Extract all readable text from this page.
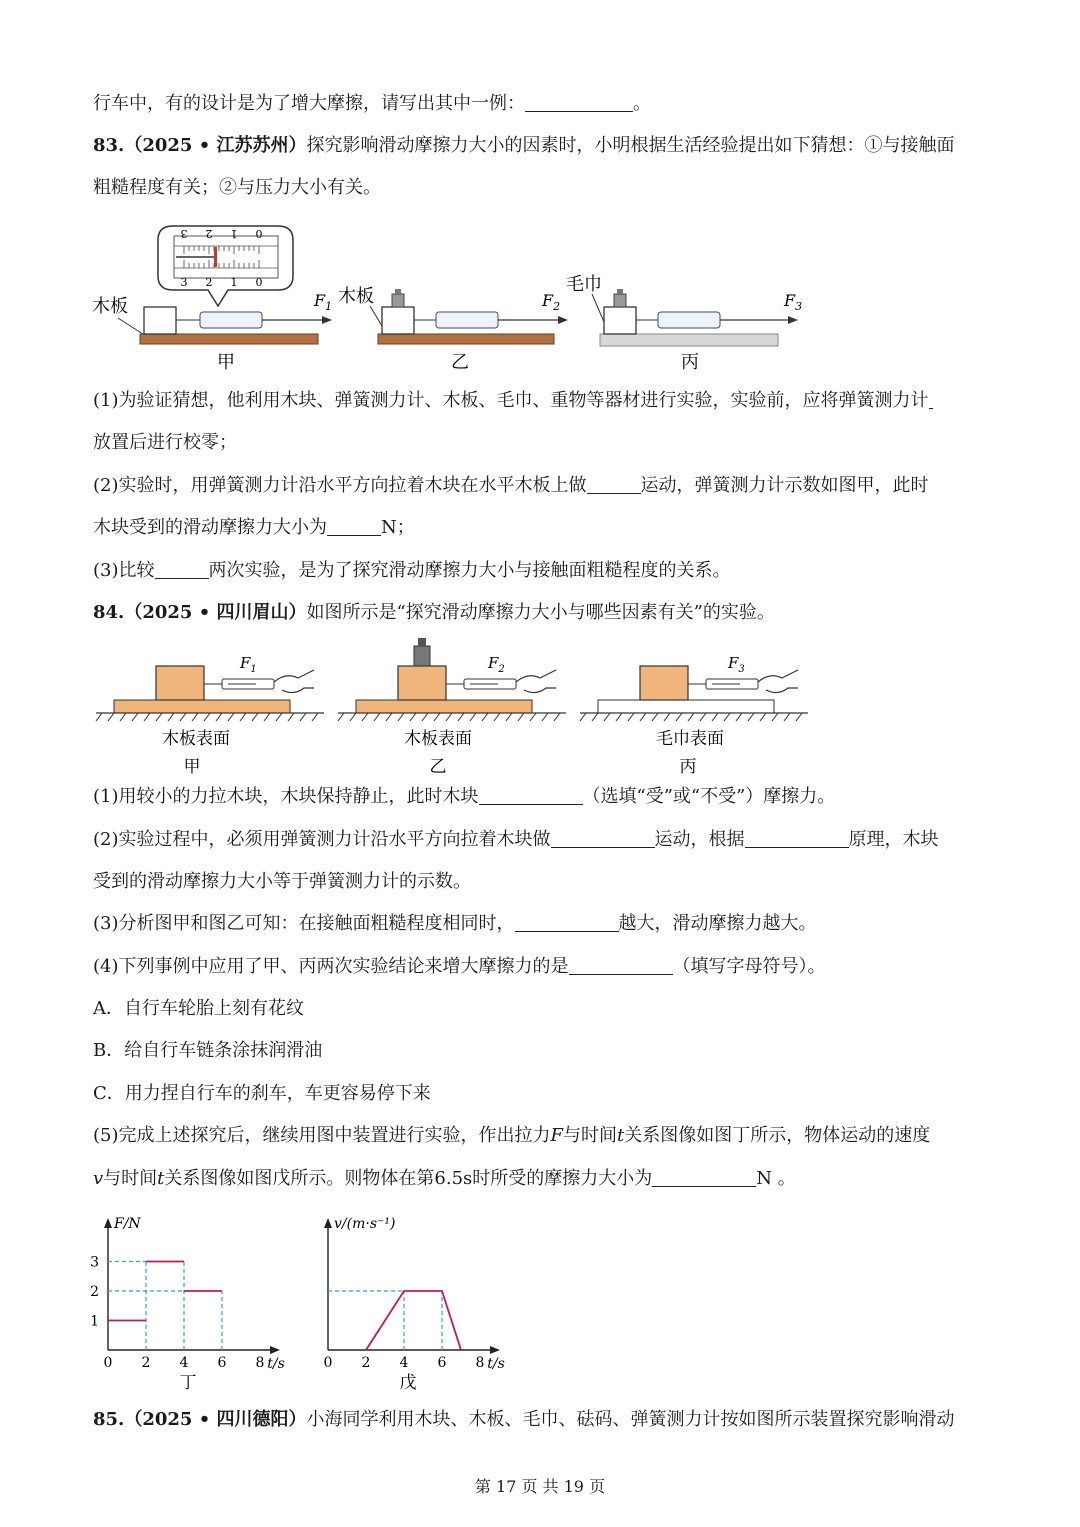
行车中，有的设计是为了增大摩擦，请写出其中一例：	。
83.（2025 • 江苏苏州）探究影响滑动摩擦力大小的因素时，小明根据生活经验提出如下猜想：①与接触面
粗糙程度有关；②与压力大小有关。
3 2 1 0
3 2 1 0
木板	$F_1$ 木板	$F_2$
毛巾
$F_3$
甲	乙	丙
(1)为验证猜想，他利用木块、弹簧测力计、木板、毛巾、重物等器材进行实验，实验前，应将弹簧测力计
放置后进行校零；
(2)实验时，用弹簧测力计沿水平方向拉着木块在水平木板上做	运动，弹簧测力计示数如图甲，此时
木块受到的滑动摩擦力大小为	N；
(3)比较	两次实验，是为了探究滑动摩擦力大小与接触面粗糙程度的关系。
84.（2025 • 四川眉山）如图所示是“探究滑动摩擦力大小与哪些因素有关”的实验。
$F_1$	$F_2$	$F_3$
木板表面	木板表面	毛巾表面
甲	乙	丙
(1)用较小的力拉木块，木块保持静止，此时木块	（选填“受”或“不受”）摩擦力。
(2)实验过程中，必须用弹簧测力计沿水平方向拉着木块做	运动，根据	原理，木块
受到的滑动摩擦力大小等于弹簧测力计的示数。
(3)分析图甲和图乙可知：在接触面粗糙程度相同时，	越大，滑动摩擦力越大。
(4)下列事例中应用了甲、丙两次实验结论来增大摩擦力的是	（填写字母符号）。
A．自行车轮胎上刻有花纹
B．给自行车链条涂抹润滑油
C．用力捏自行车的刹车，车更容易停下来
(5)完成上述探究后，继续用图中装置进行实验，作出拉力F与时间t关系图像如图丁所示，物体运动的速度
v与时间t关系图像如图戊所示。则物体在第6.5s时所受的摩擦力大小为	N 。
0 2 4 6 8
1
2
3
t/s
F/N
丁
0 2 4 6 8 t/s
v/(m·s⁻¹)
戊
85.（2025 • 四川德阳）小海同学利用木块、木板、毛巾、砝码、弹簧测力计按如图所示装置探究影响滑动
第 17 页 共 19 页
